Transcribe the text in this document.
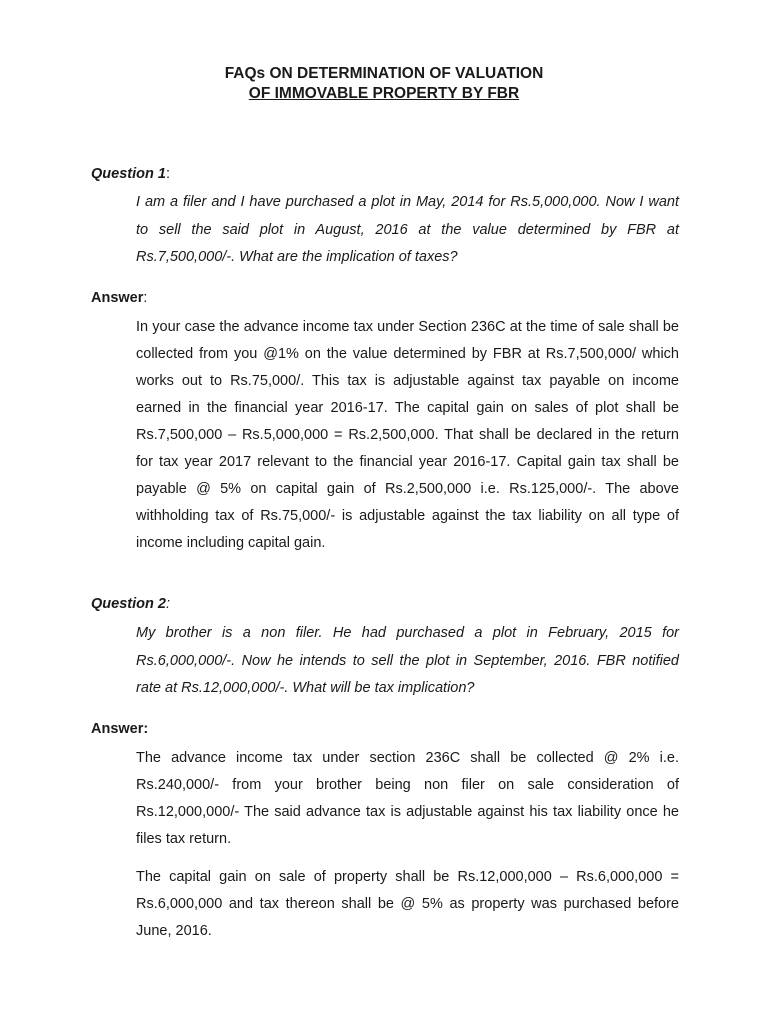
FAQs ON DETERMINATION OF VALUATION

OF IMMOVABLE PROPERTY BY FBR

Question 1:

I am a filer and I have purchased a plot in May, 2014 for Rs.5,000,000. Now I want to sell the said plot in August, 2016 at the value determined by FBR at Rs.7,500,000/-. What are the implication of taxes?

Answer:

In your case the advance income tax under Section 236C at the time of sale shall be collected from you @1% on the value determined by FBR at Rs.7,500,000/ which works out to Rs.75,000/. This tax is adjustable against tax payable on income earned in the financial year 2016-17. The capital gain on sales of plot shall be Rs.7,500,000 – Rs.5,000,000 = Rs.2,500,000. That shall be declared in the return for tax year 2017 relevant to the financial year 2016-17. Capital gain tax shall be payable @ 5% on capital gain of Rs.2,500,000 i.e. Rs.125,000/-. The above withholding tax of Rs.75,000/- is adjustable against the tax liability on all type of income including capital gain.

Question 2:

My brother is a non filer. He had purchased a plot in February, 2015 for Rs.6,000,000/-. Now he intends to sell the plot in September, 2016. FBR notified rate at Rs.12,000,000/-. What will be tax implication?

Answer:

The advance income tax under section 236C shall be collected @ 2% i.e. Rs.240,000/- from your brother being non filer on sale consideration of Rs.12,000,000/- The said advance tax is adjustable against his tax liability once he files tax return.

The capital gain on sale of property shall be Rs.12,000,000 – Rs.6,000,000 = Rs.6,000,000 and tax thereon shall be @ 5% as property was purchased before June, 2016.
